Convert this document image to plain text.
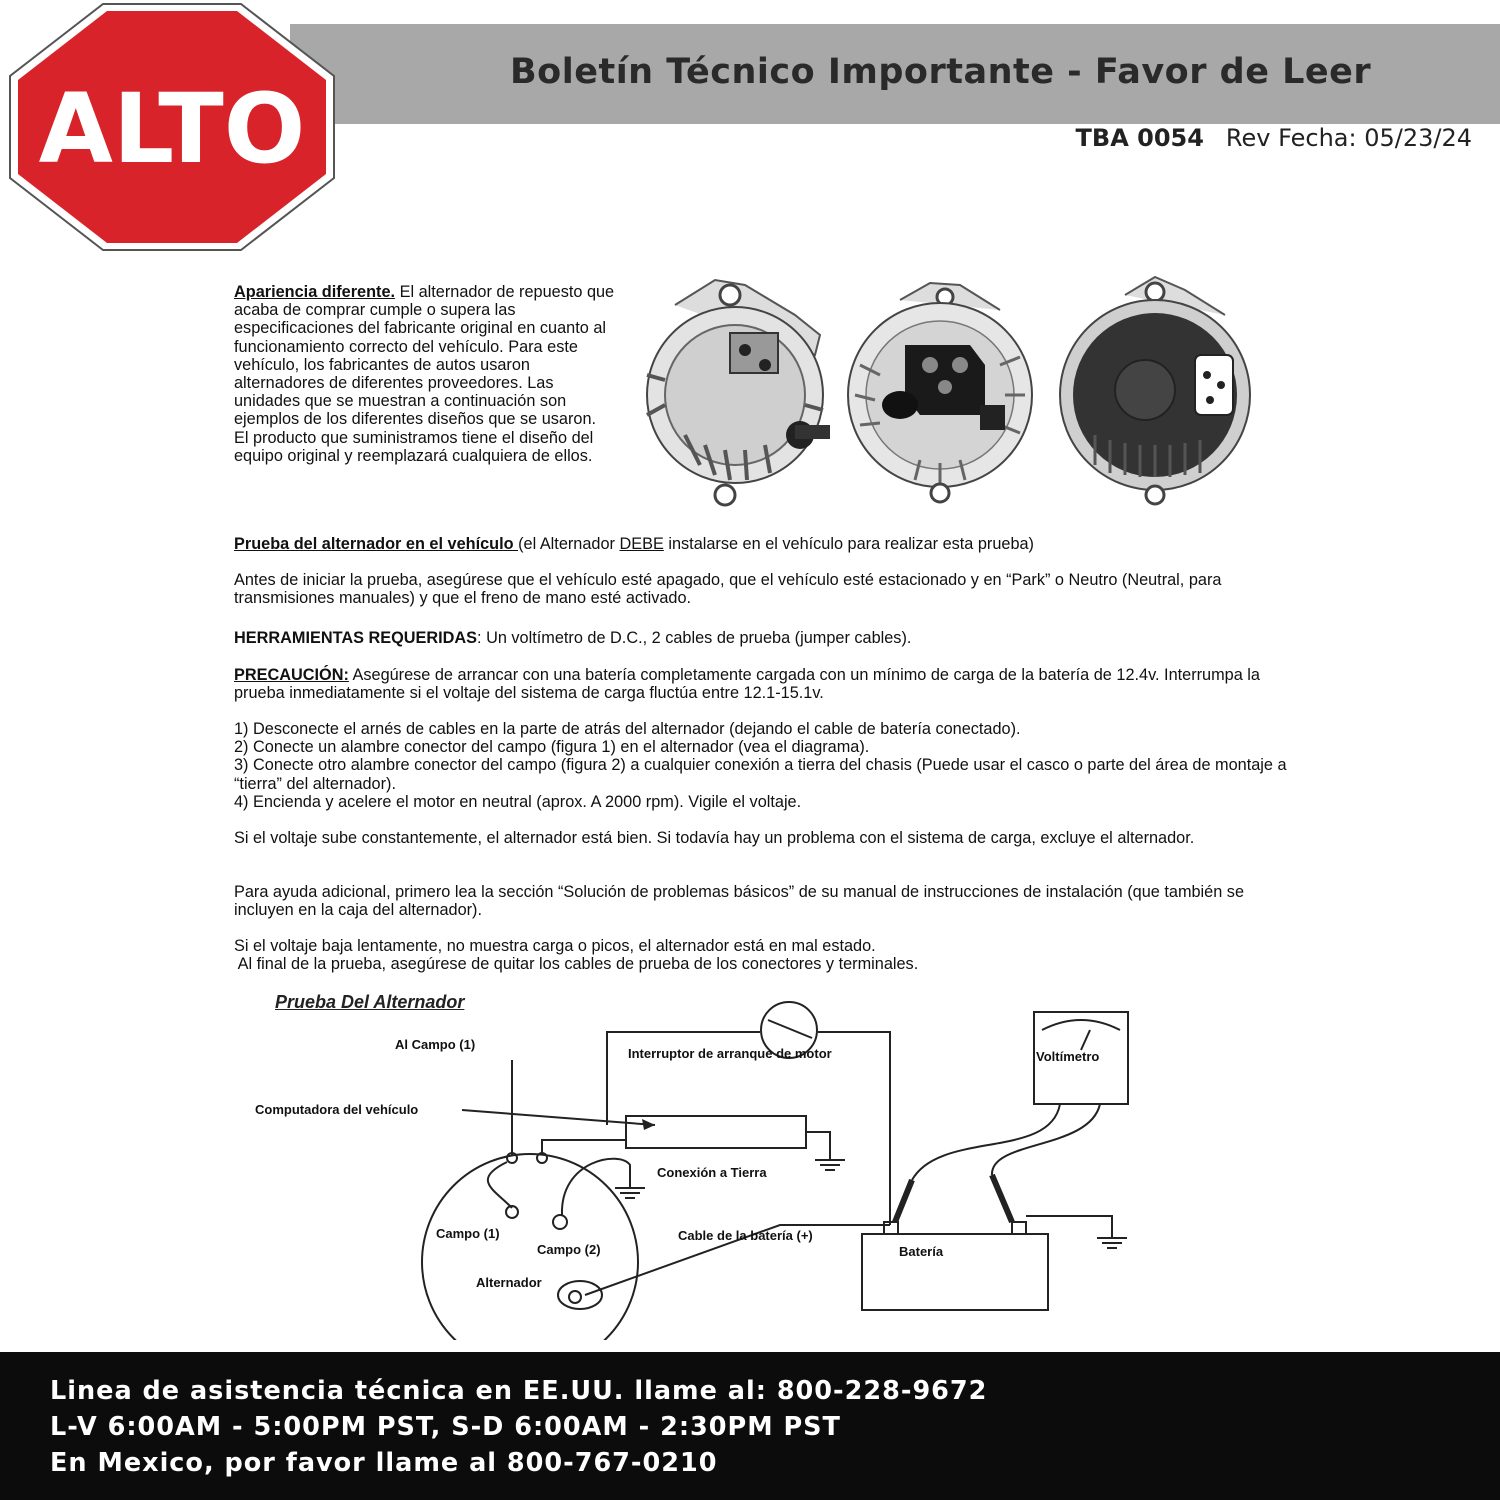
Boletín Técnico Importante - Favor de Leer
ALTO	TBA 0054 Rev Fecha: 05/23/24
Apariencia diferente. El alternador de repuesto que acaba de comprar cumple o supera las especificaciones del fabricante original en cuanto al funcionamiento correcto del vehículo. Para este vehículo, los fabricantes de autos usaron alternadores de diferentes proveedores. Las unidades que se muestran a continuación son ejemplos de los diferentes diseños que se usaron.
El producto que suministramos tiene el diseño del equipo original y reemplazará cualquiera de ellos.
Prueba del alternador en el vehículo (el Alternador DEBE instalarse en el vehículo para realizar esta prueba)
Antes de iniciar la prueba, asegúrese que el vehículo esté apagado, que el vehículo esté estacionado y en “Park” o Neutro (Neutral, para transmisiones manuales) y que el freno de mano esté activado.
HERRAMIENTAS REQUERIDAS: Un voltímetro de D.C., 2 cables de prueba (jumper cables).
PRECAUCIÓN: Asegúrese de arrancar con una batería completamente cargada con un mínimo de carga de la batería de 12.4v. Interrumpa la prueba inmediatamente si el voltaje del sistema de carga fluctúa entre 12.1-15.1v.
1) Desconecte el arnés de cables en la parte de atrás del alternador (dejando el cable de batería conectado).
2) Conecte un alambre conector del campo (figura 1) en el alternador (vea el diagrama).
3) Conecte otro alambre conector del campo (figura 2) a cualquier conexión a tierra del chasis (Puede usar el casco o parte del área de montaje a “tierra” del alternador).
4) Encienda y acelere el motor en neutral (aprox. A 2000 rpm). Vigile el voltaje.
Si el voltaje sube constantemente, el alternador está bien. Si todavía hay un problema con el sistema de carga, excluye el alternador.
Para ayuda adicional, primero lea la sección “Solución de problemas básicos” de su manual de instrucciones de instalación (que también se incluyen en la caja del alternador).
Si el voltaje baja lentamente, no muestra carga o picos, el alternador está en mal estado.
Al final de la prueba, asegúrese de quitar los cables de prueba de los conectores y terminales.
Prueba Del Alternador
Al Campo (1)
Interruptor de arranque de motor	Voltímetro
Computadora del vehículo
Conexión a Tierra
Campo (1)
Campo (2)
Cable de la batería (+)
Batería
Alternador
Linea de asistencia técnica en EE.UU. llame al: 800-228-9672
L-V 6:00AM - 5:00PM PST, S-D 6:00AM - 2:30PM PST
En Mexico, por favor llame al 800-767-0210
